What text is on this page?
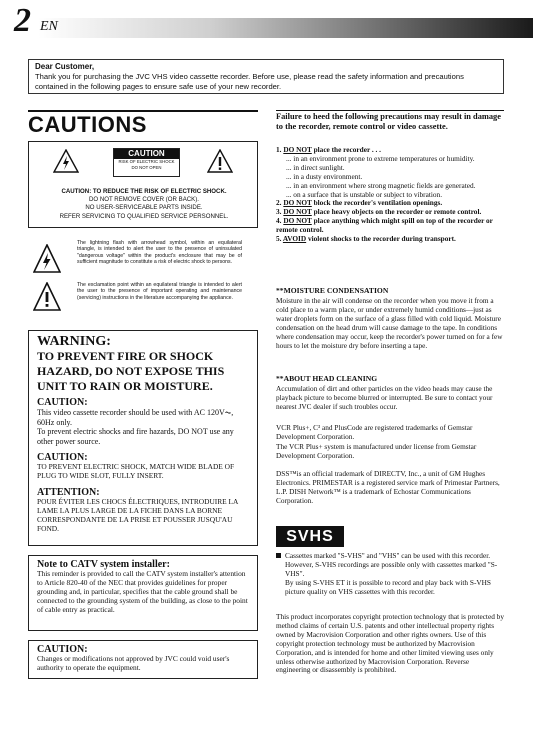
2 EN
Dear Customer,
Thank you for purchasing the JVC VHS video cassette recorder. Before use, please read the safety information and precautions contained in the following pages to ensure safe use of your new recorder.
CAUTIONS
CAUTION
RISK OF ELECTRIC SHOCK
DO NOT OPEN
CAUTION: TO REDUCE THE RISK OF ELECTRIC SHOCK.
DO NOT REMOVE COVER (OR BACK).
NO USER-SERVICEABLE PARTS INSIDE.
REFER SERVICING TO QUALIFIED SERVICE PERSONNEL.
The lightning flash with arrowhead symbol, within an equilateral triangle, is intended to alert the user to the presence of uninsulated "dangerous voltage" within the product's enclosure that may be of sufficient magnitude to constitute a risk of electric shock to persons.
The exclamation point within an equilateral triangle is intended to alert the user to the presence of important operating and maintenance (servicing) instructions in the literature accompanying the appliance.
WARNING:
TO PREVENT FIRE OR SHOCK HAZARD, DO NOT EXPOSE THIS UNIT TO RAIN OR MOISTURE.
CAUTION:
This video cassette recorder should be used with AC 120V⏦, 60Hz only.
To prevent electric shocks and fire hazards, DO NOT use any other power source.
CAUTION:
TO PREVENT ELECTRIC SHOCK, MATCH WIDE BLADE OF PLUG TO WIDE SLOT, FULLY INSERT.
ATTENTION:
POUR ÉVITER LES CHOCS ÉLECTRIQUES, INTRODUIRE LA LAME LA PLUS LARGE DE LA FICHE DANS LA BORNE CORRESPONDANTE DE LA PRISE ET POUSSER JUSQU'AU FOND.
Note to CATV system installer:
This reminder is provided to call the CATV system installer's attention to Article 820-40 of the NEC that provides guidelines for proper grounding and, in particular, specifies that the cable ground shall be connected to the grounding system of the building, as close to the point of cable entry as practical.
CAUTION:
Changes or modifications not approved by JVC could void user's authority to operate the equipment.
Failure to heed the following precautions may result in damage to the recorder, remote control or video cassette.
1. DO NOT place the recorder . . .
... in an environment prone to extreme temperatures or humidity.
... in direct sunlight.
... in a dusty environment.
... in an environment where strong magnetic fields are generated.
... on a surface that is unstable or subject to vibration.
2. DO NOT block the recorder's ventilation openings.
3. DO NOT place heavy objects on the recorder or remote control.
4. DO NOT place anything which might spill on top of the recorder or remote control.
5. AVOID violent shocks to the recorder during transport.
**MOISTURE CONDENSATION
Moisture in the air will condense on the recorder when you move it from a cold place to a warm place, or under extremely humid conditions—just as water droplets form on the surface of a glass filled with cold liquid. Moisture condensation on the head drum will cause damage to the tape. In conditions where condensation may occur, keep the recorder's power turned on for a few hours to let the moisture dry before inserting a tape.
**ABOUT HEAD CLEANING
Accumulation of dirt and other particles on the video heads may cause the playback picture to become blurred or interrupted. Be sure to contact your nearest JVC dealer if such troubles occur.
VCR Plus+, C³ and PlusCode are registered trademarks of Gemstar Development Corporation.
The VCR Plus+ system is manufactured under license from Gemstar Development Corporation.
DSS™is an official trademark of DIRECTV, Inc., a unit of GM Hughes Electronics. PRIMESTAR is a registered service mark of Primestar Partners, L.P. DISH Network™ is a trademark of Echostar Communications Corporation.
SVHS
Cassettes marked "S-VHS" and "VHS" can be used with this recorder. However, S-VHS recordings are possible only with cassettes marked "S-VHS".
By using S-VHS ET it is possible to record and play back with S-VHS picture quality on VHS cassettes with this recorder.
This product incorporates copyright protection technology that is protected by method claims of certain U.S. patents and other intellectual property rights owned by Macrovision Corporation and other rights owners. Use of this copyright protection technology must be authorized by Macrovision Corporation, and is intended for home and other limited viewing uses only unless otherwise authorized by Macrovision Corporation. Reverse engineering or disassembly is prohibited.
